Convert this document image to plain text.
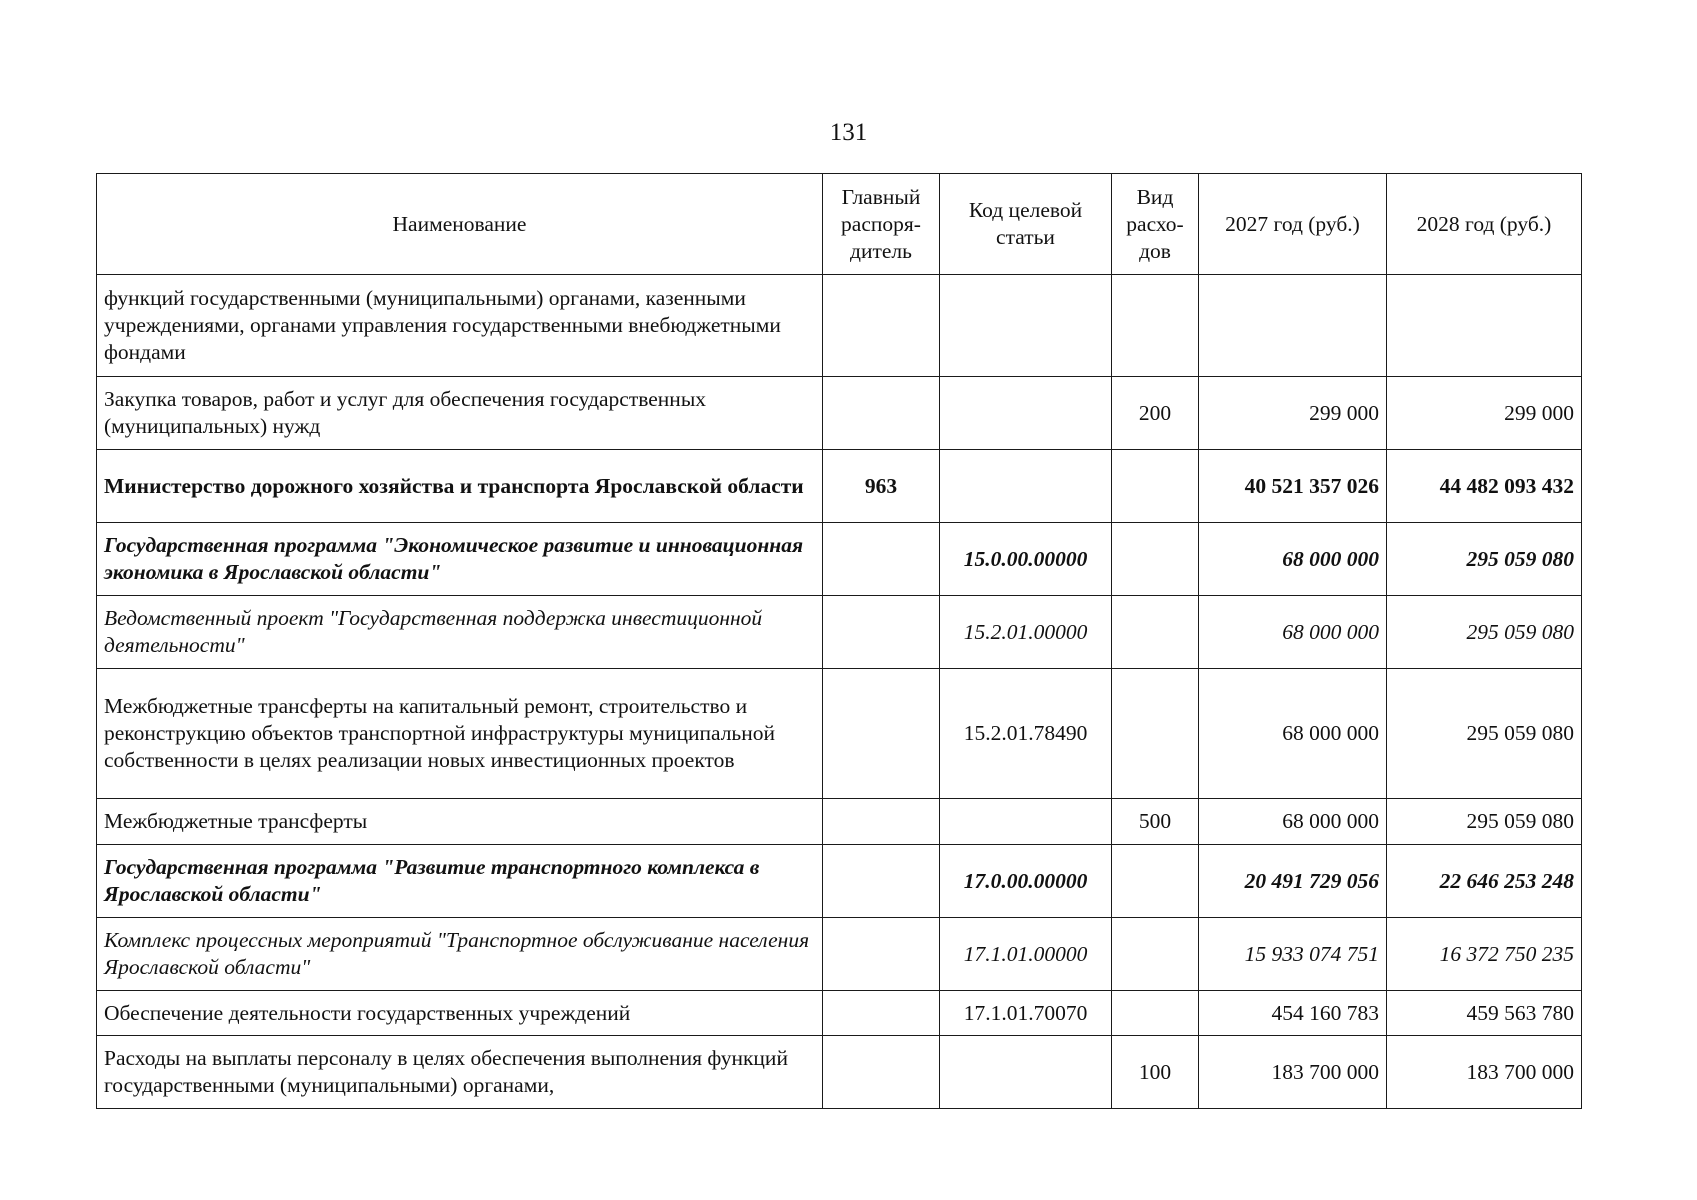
131
Наименование	Главный распоря-дитель	Код целевой статьи	Вид расхо-дов	2027 год (руб.)	2028 год (руб.)
функций государственными (муниципальными) органами, казенными учреждениями, органами управления государственными внебюджетными фондами					
Закупка товаров, работ и услуг для обеспечения государственных (муниципальных) нужд			200	299 000	299 000
Министерство дорожного хозяйства и транспорта Ярославской области	963			40 521 357 026	44 482 093 432
Государственная программа "Экономическое развитие и инновационная экономика в Ярославской области"		15.0.00.00000		68 000 000	295 059 080
Ведомственный проект "Государственная поддержка инвестиционной деятельности"		15.2.01.00000		68 000 000	295 059 080
Межбюджетные трансферты на капитальный ремонт, строительство и реконструкцию объектов транспортной инфраструктуры муниципальной собственности в целях реализации новых инвестиционных проектов		15.2.01.78490		68 000 000	295 059 080
Межбюджетные трансферты			500	68 000 000	295 059 080
Государственная программа "Развитие транспортного комплекса в Ярославской области"		17.0.00.00000		20 491 729 056	22 646 253 248
Комплекс процессных мероприятий "Транспортное обслуживание населения Ярославской области"		17.1.01.00000		15 933 074 751	16 372 750 235
Обеспечение деятельности государственных учреждений		17.1.01.70070		454 160 783	459 563 780
Расходы на выплаты персоналу в целях обеспечения выполнения функций государственными (муниципальными) органами,			100	183 700 000	183 700 000
